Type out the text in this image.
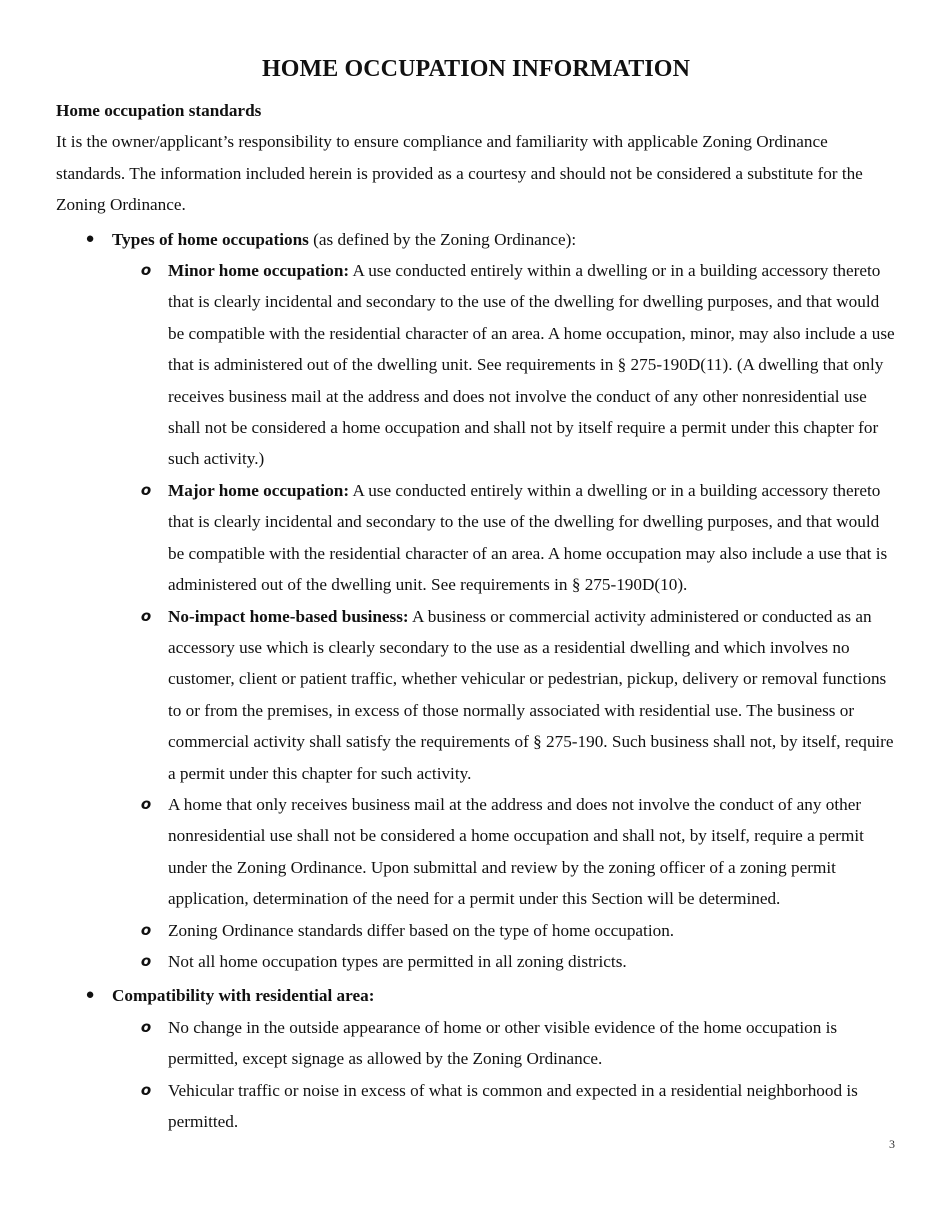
HOME OCCUPATION INFORMATION
Home occupation standards

It is the owner/applicant’s responsibility to ensure compliance and familiarity with applicable Zoning Ordinance standards. The information included herein is provided as a courtesy and should not be considered a substitute for the Zoning Ordinance.

● Types of home occupations (as defined by the Zoning Ordinance):
o Minor home occupation: A use conducted entirely within a dwelling or in a building accessory thereto that is clearly incidental and secondary to the use of the dwelling for dwelling purposes, and that would be compatible with the residential character of an area. A home occupation, minor, may also include a use that is administered out of the dwelling unit. See requirements in § 275-190D(11). (A dwelling that only receives business mail at the address and does not involve the conduct of any other nonresidential use shall not be considered a home occupation and shall not by itself require a permit under this chapter for such activity.)
o Major home occupation: A use conducted entirely within a dwelling or in a building accessory thereto that is clearly incidental and secondary to the use of the dwelling for dwelling purposes, and that would be compatible with the residential character of an area. A home occupation may also include a use that is administered out of the dwelling unit. See requirements in § 275-190D(10).
o No-impact home-based business: A business or commercial activity administered or conducted as an accessory use which is clearly secondary to the use as a residential dwelling and which involves no customer, client or patient traffic, whether vehicular or pedestrian, pickup, delivery or removal functions to or from the premises, in excess of those normally associated with residential use. The business or commercial activity shall satisfy the requirements of § 275-190. Such business shall not, by itself, require a permit under this chapter for such activity.
o A home that only receives business mail at the address and does not involve the conduct of any other nonresidential use shall not be considered a home occupation and shall not, by itself, require a permit under the Zoning Ordinance. Upon submittal and review by the zoning officer of a zoning permit application, determination of the need for a permit under this Section will be determined.
o Zoning Ordinance standards differ based on the type of home occupation.
o Not all home occupation types are permitted in all zoning districts.
● Compatibility with residential area:
o No change in the outside appearance of home or other visible evidence of the home occupation is permitted, except signage as allowed by the Zoning Ordinance.
o Vehicular traffic or noise in excess of what is common and expected in a residential neighborhood is permitted.
3
